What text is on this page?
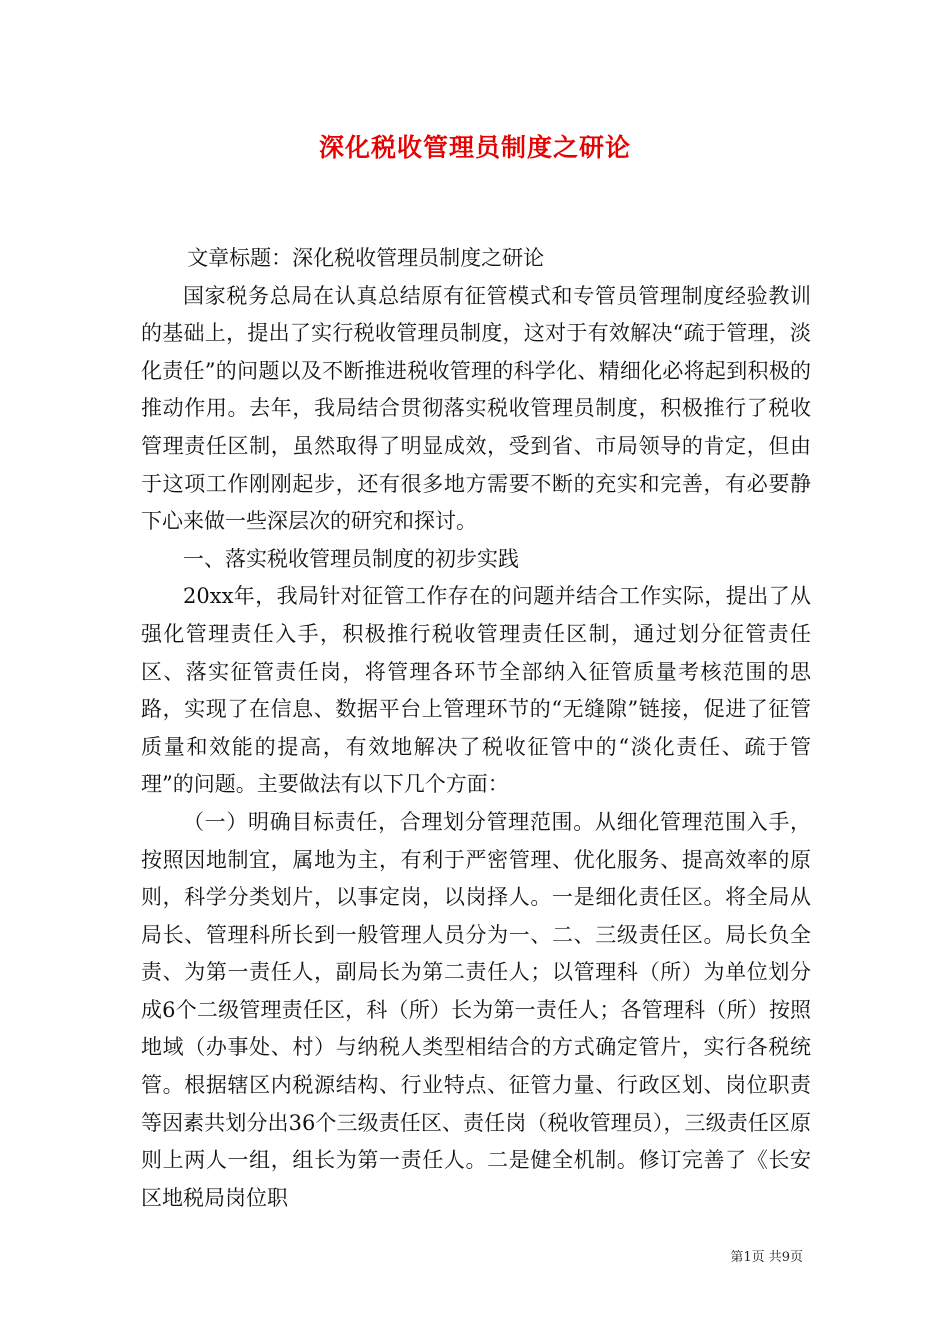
深化税收管理员制度之研论

文章标题：深化税收管理员制度之研论

国家税务总局在认真总结原有征管模式和专管员管理制度经验教训的基础上，提出了实行税收管理员制度，这对于有效解决“疏于管理，淡化责任”的问题以及不断推进税收管理的科学化、精细化必将起到积极的推动作用。去年，我局结合贯彻落实税收管理员制度，积极推行了税收管理责任区制，虽然取得了明显成效，受到省、市局领导的肯定，但由于这项工作刚刚起步，还有很多地方需要不断的充实和完善，有必要静下心来做一些深层次的研究和探讨。

一、落实税收管理员制度的初步实践

20xx年，我局针对征管工作存在的问题并结合工作实际，提出了从强化管理责任入手，积极推行税收管理责任区制，通过划分征管责任区、落实征管责任岗，将管理各环节全部纳入征管质量考核范围的思路，实现了在信息、数据平台上管理环节的“无缝隙”链接，促进了征管质量和效能的提高，有效地解决了税收征管中的“淡化责任、疏于管理”的问题。主要做法有以下几个方面：

（一）明确目标责任，合理划分管理范围。从细化管理范围入手，按照因地制宜，属地为主，有利于严密管理、优化服务、提高效率的原则，科学分类划片，以事定岗，以岗择人。一是细化责任区。将全局从局长、管理科所长到一般管理人员分为一、二、三级责任区。局长负全责、为第一责任人，副局长为第二责任人；以管理科（所）为单位划分成6个二级管理责任区，科（所）长为第一责任人；各管理科（所）按照地域（办事处、村）与纳税人类型相结合的方式确定管片，实行各税统管。根据辖区内税源结构、行业特点、征管力量、行政区划、岗位职责等因素共划分出36个三级责任区、责任岗（税收管理员），三级责任区原则上两人一组，组长为第一责任人。二是健全机制。修订完善了《长安区地税局岗位职

第1页 共9页
